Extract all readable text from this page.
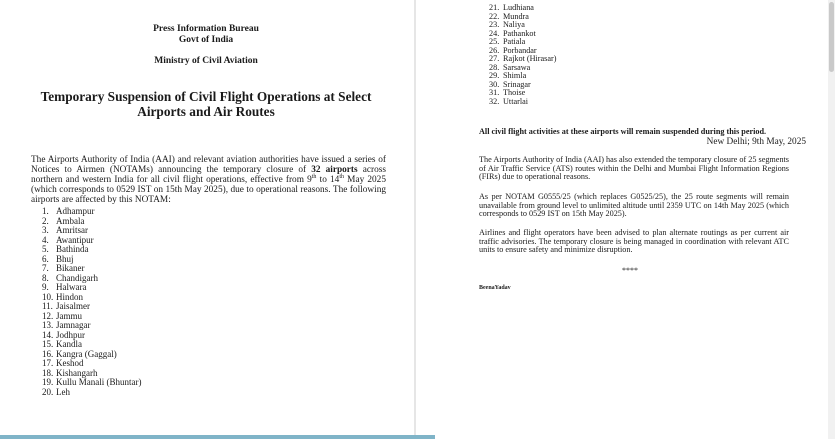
Press Information Bureau
Govt of India
Ministry of Civil Aviation
Temporary Suspension of Civil Flight Operations at Select
Airports and Air Routes
New Delhi; 9th May, 2025
The Airports Authority of India (AAI) and relevant aviation authorities have issued a series of Notices to Airmen (NOTAMs) announcing the temporary closure of 32 airports across northern and western India for all civil flight operations, effective from 9th to 14th May 2025 (which corresponds to 0529 IST on 15th May 2025), due to operational reasons. The following airports are affected by this NOTAM:
1. Adhampur
2. Ambala
3. Amritsar
4. Awantipur
5. Bathinda
6. Bhuj
7. Bikaner
8. Chandigarh
9. Halwara
10. Hindon
11. Jaisalmer
12. Jammu
13. Jamnagar
14. Jodhpur
15. Kandla
16. Kangra (Gaggal)
17. Keshod
18. Kishangarh
19. Kullu Manali (Bhuntar)
20. Leh
21. Ludhiana
22. Mundra
23. Naliya
24. Pathankot
25. Patiala
26. Porbandar
27. Rajkot (Hirasar)
28. Sarsawa
29. Shimla
30. Srinagar
31. Thoise
32. Uttarlai
All civil flight activities at these airports will remain suspended during this period.
The Airports Authority of India (AAI) has also extended the temporary closure of 25 segments of Air Traffic Service (ATS) routes within the Delhi and Mumbai Flight Information Regions (FIRs) due to operational reasons.
As per NOTAM G0555/25 (which replaces G0525/25), the 25 route segments will remain unavailable from ground level to unlimited altitude until 2359 UTC on 14th May 2025 (which corresponds to 0529 IST on 15th May 2025).
Airlines and flight operators have been advised to plan alternate routings as per current air traffic advisories. The temporary closure is being managed in coordination with relevant ATC units to ensure safety and minimize disruption.
****
BeenaYadav
